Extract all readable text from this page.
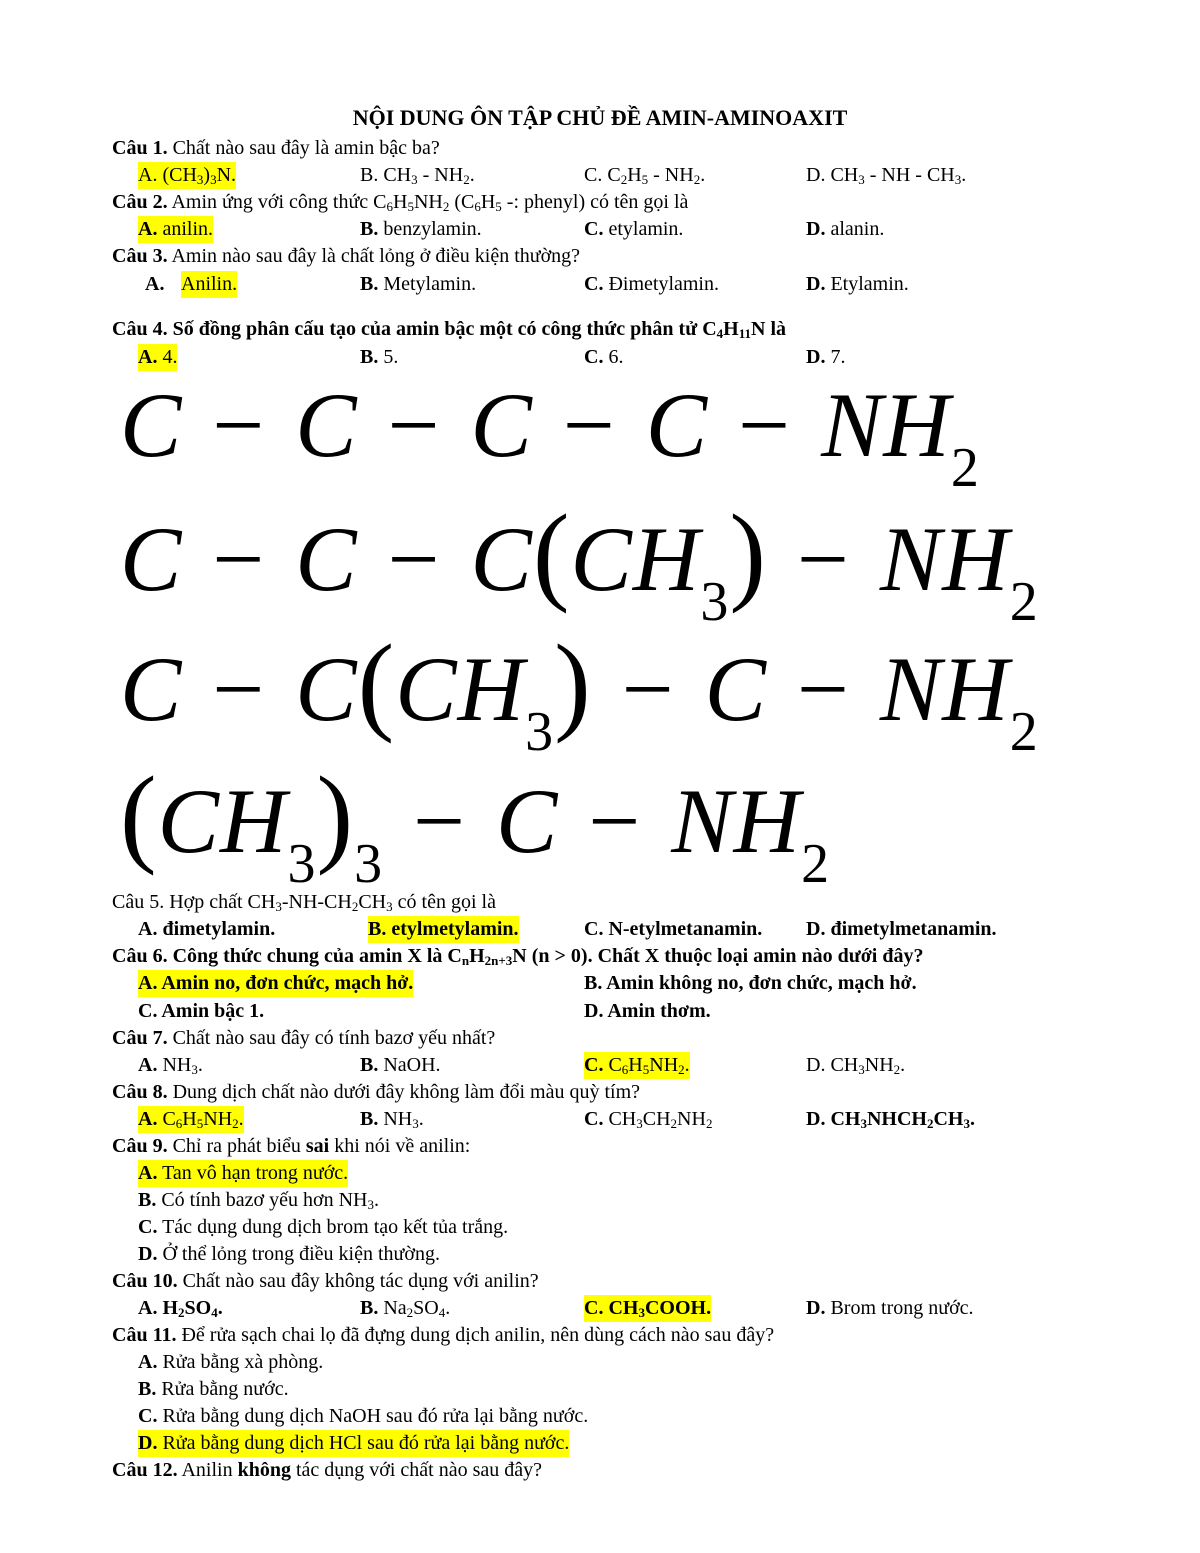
NỘI DUNG ÔN TẬP CHỦ ĐỀ AMIN-AMINOAXIT
Câu 1. Chất nào sau đây là amin bậc ba?
A. $(CH_3)_3N$.	B. $CH_3 - NH_2$.	C. $C_2H_5 - NH_2$.	D. $CH_3$ - NH - $CH_3$.
Câu 2. Amin ứng với công thức $C_6H_5NH_2$ ($C_6H_5$ -: phenyl) có tên gọi là
A. anilin.	B. benzylamin.	C. etylamin.	D. alanin.
Câu 3. Amin nào sau đây là chất lỏng ở điều kiện thường?
A. Anilin.	B. Metylamin.	C. Đimetylamin.	D. Etylamin.
Câu 4. Số đồng phân cấu tạo của amin bậc một có công thức phân tử $C_4H_{11}N$ là
A. 4.	B. 5.	C. 6.	D. 7.
$C - C - C - C - NH_2$
$C - C - C(CH_3) - NH_2$
$C - C(CH_3) - C - NH_2$
$(CH_3)_3 - C - NH_2$
Câu 5. Hợp chất $CH_3-NH-CH_2CH_3$ có tên gọi là
A. đimetylamin.	B. etylmetylamin.	C. N-etylmetanamin. D. đimetylmetanamin.
Câu 6. Công thức chung của amin X là $C_nH_{2n+3}N$ (n > 0). Chất X thuộc loại amin nào dưới đây?
A. Amin no, đơn chức, mạch hở.	B. Amin không no, đơn chức, mạch hở.
C. Amin bậc 1.	D. Amin thơm.
Câu 7. Chất nào sau đây có tính bazơ yếu nhất?
A. $NH_3$.	B. NaOH.	C. $C_6H_5NH_2$.	D. $CH_3NH_2$.
Câu 8. Dung dịch chất nào dưới đây không làm đổi màu quỳ tím?
A. $C_6H_5NH_2$.	B. $NH_3$.	C. $CH_3CH_2NH_2$	D. $CH_3NHCH_2CH_3$.
Câu 9. Chỉ ra phát biểu sai khi nói về anilin:
A. Tan vô hạn trong nước.
B. Có tính bazơ yếu hơn $NH_3$.
C. Tác dụng dung dịch brom tạo kết tủa trắng.
D. Ở thể lỏng trong điều kiện thường.
Câu 10. Chất nào sau đây không tác dụng với anilin?
A. $H_2SO_4$.	B. $Na_2SO_4$.	C. $CH_3COOH$.	D. Brom trong nước.
Câu 11. Để rửa sạch chai lọ đã đựng dung dịch anilin, nên dùng cách nào sau đây?
A. Rửa bằng xà phòng.
B. Rửa bằng nước.
C. Rửa bằng dung dịch NaOH sau đó rửa lại bằng nước.
D. Rửa bằng dung dịch HCl sau đó rửa lại bằng nước.
Câu 12. Anilin không tác dụng với chất nào sau đây?
